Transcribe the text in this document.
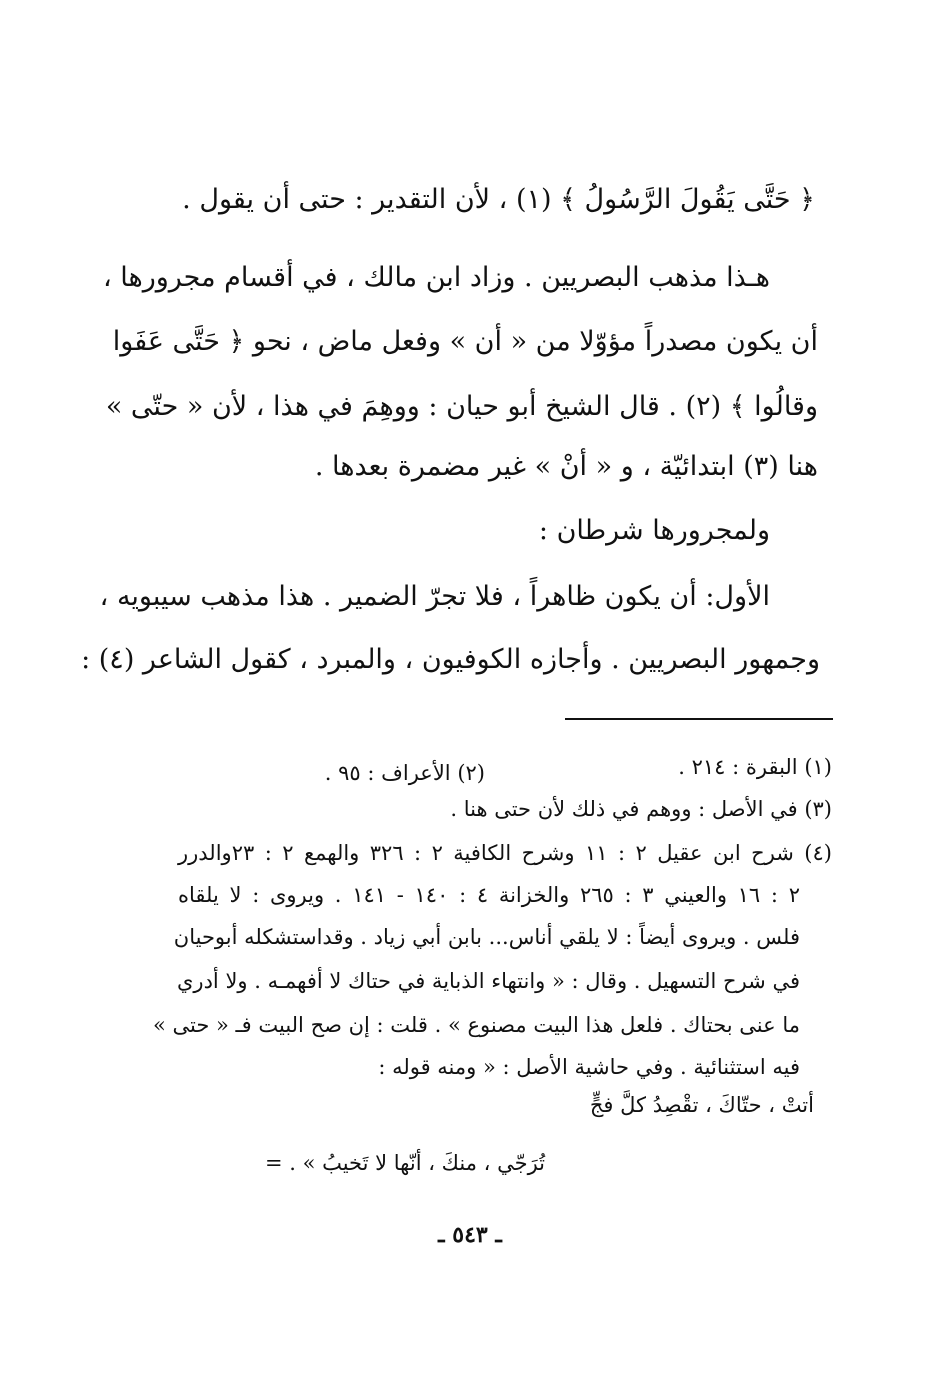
﴿ حَتَّى يَقُولَ الرَّسُولُ ﴾ (١) ، لأن التقدير : حتى أن يقول .
هـذا مذهب البصريين . وزاد ابن مالك ، في أقسام مجرورها ،
أن يكون مصدراً مؤوّلا من « أن » وفعل ماض ، نحو ﴿ حَتَّى عَفَوا
وقالُوا ﴾ (٢) . قال الشيخ أبو حيان : ووهِمَ في هذا ، لأن « حتّى »
هنا (٣) ابتدائيّة ، و « أنْ » غير مضمرة بعدها .
ولمجرورها شرطان :
الأول: أن يكون ظاهراً ، فلا تجرّ الضمير . هذا مذهب سيبويه ،
وجمهور البصريين . وأجازه الكوفيون ، والمبرد ، كقول الشاعر (٤) :
(١) البقرة : ٢١٤ .
(٢) الأعراف : ٩٥ .
(٣) في الأصل : ووهم في ذلك لأن حتى هنا .
(٤) شرح ابن عقيل ٢ : ١١ وشرح الكافية ٢ : ٣٢٦ والهمع ٢ : ٢٣والدرر
٢ : ١٦ والعيني ٣ : ٢٦٥ والخزانة ٤ : ١٤٠ - ١٤١ . ويروى : لا يلقاه
فلس . ويروى أيضاً : لا يلقي أناس... بابن أبي زياد . وقداستشكله أبوحيان
في شرح التسهيل . وقال : « وانتهاء الذباية في حتاك لا أفهمـه . ولا أدري
ما عنى بحتاك . فلعل هذا البيت مصنوع » . قلت : إن صح البيت فـ « حتى »
فيه استثنائية . وفي حاشية الأصل : « ومنه قوله :
أتتْ ، حتّاكَ ، تقْصِدُ كلَّ فجٍّ
تُرَجّي ، منكَ ، أنّها لا تَخيبُ » . =
ـ ٥٤٣ ـ
